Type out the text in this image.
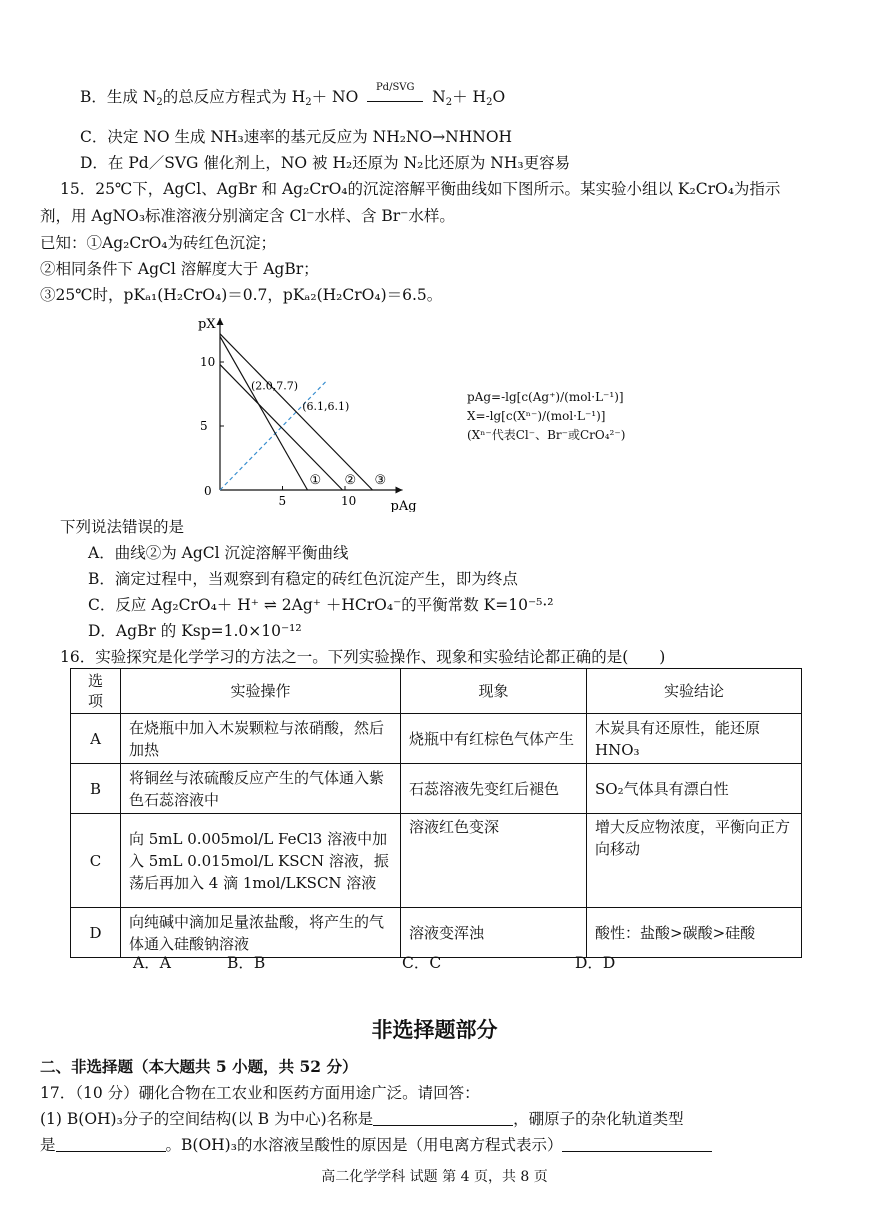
B．生成 $N_2$的总反应方程式为 $H_2+$ NO
Pd/SVG
$N_2+ H_2O$
C．决定 NO 生成 NH₃速率的基元反应为 NH₂NO→NHNOH
D．在 Pd／SVG 催化剂上，NO 被 H₂还原为 N₂比还原为 NH₃更容易
15．25℃下，AgCl、AgBr 和 Ag₂CrO₄的沉淀溶解平衡曲线如下图所示。某实验小组以 K₂CrO₄为指示
剂，用 AgNO₃标准溶液分别滴定含 Cl⁻水样、含 Br⁻水样。
已知：①Ag₂CrO₄为砖红色沉淀；
②相同条件下 AgCl 溶解度大于 AgBr；
③25℃时，pKₐ₁(H₂CrO₄)＝0.7，pKₐ₂(H₂CrO₄)＝6.5。
pX
pAg
0
5	10
5
10
① ② ③
(2.0,7.7)
(6.1,6.1)
pAg=-lg[c(Ag⁺)/(mol·L⁻¹)]
X=-lg[c(Xⁿ⁻)/(mol·L⁻¹)]
(Xⁿ⁻代表Cl⁻、Br⁻或CrO₄²⁻)
下列说法错误的是
A．曲线②为 AgCl 沉淀溶解平衡曲线
B．滴定过程中，当观察到有稳定的砖红色沉淀产生，即为终点
C．反应 Ag₂CrO₄＋ H⁺ ⇌ 2Ag⁺ ＋HCrO₄⁻的平衡常数 K=10⁻⁵·²
D．AgBr 的 Ksp=1.0×10⁻¹²
16．实验探究是化学学习的方法之一。下列实验操作、现象和实验结论都正确的是(　　)
选
项	实验操作	现象	实验结论
A	在烧瓶中加入木炭颗粒与浓硝酸，然后加热	烧瓶中有红棕色气体产生	木炭具有还原性，能还原 HNO₃
B	将铜丝与浓硫酸反应产生的气体通入紫色石蕊溶液中	石蕊溶液先变红后褪色	SO₂气体具有漂白性
C	向 5mL 0.005mol/L FeCl3 溶液中加入 5mL 0.015mol/L KSCN 溶液，振荡后再加入 4 滴 1mol/LKSCN 溶液	溶液红色变深	增大反应物浓度，平衡向正方向移动
D	向纯碱中滴加足量浓盐酸，将产生的气体通入硅酸钠溶液	溶液变浑浊	酸性：盐酸>碳酸>硅酸
A．A	B．B	C．C	D．D
非选择题部分
二、非选择题（本大题共 5 小题，共 52 分）
17．（10 分）硼化合物在工农业和医药方面用途广泛。请回答：
(1) B(OH)₃分子的空间结构(以 B 为中心)名称是	，硼原子的杂化轨道类型
是	。B(OH)₃的水溶液呈酸性的原因是（用电离方程式表示）
高二化学学科 试题 第 4 页，共 8 页
